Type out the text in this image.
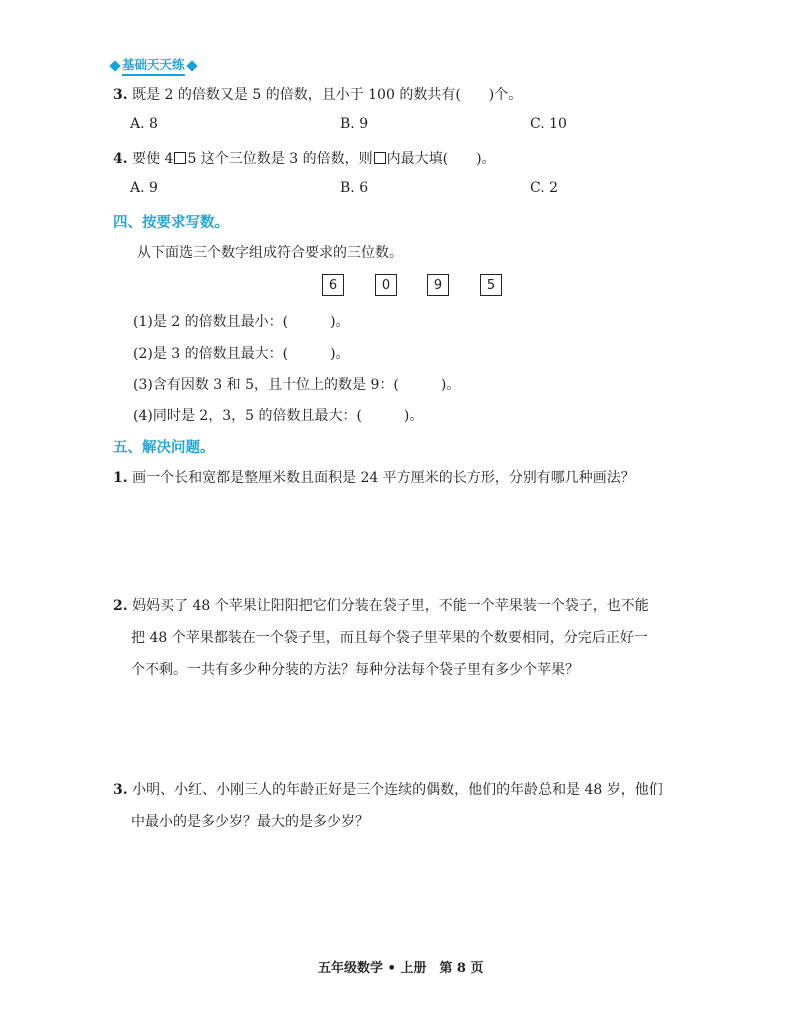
基础天天练
3. 既是 2 的倍数又是 5 的倍数，且小于 100 的数共有(　　)个。
A. 8	B. 9	C. 10
4. 要使 4 5 这个三位数是 3 的倍数，则 内最大填(　　)。
A. 9	B. 6	C. 2
四、按要求写数。
从下面选三个数字组成符合要求的三位数。
6	0	9	5
(1)是 2 的倍数且最小：(　　　)。
(2)是 3 的倍数且最大：(　　　)。
(3)含有因数 3 和 5，且十位上的数是 9：(　　　)。
(4)同时是 2，3，5 的倍数且最大：(　　　)。
五、解决问题。
1. 画一个长和宽都是整厘米数且面积是 24 平方厘米的长方形，分别有哪几种画法？
2. 妈妈买了 48 个苹果让阳阳把它们分装在袋子里，不能一个苹果装一个袋子，也不能
把 48 个苹果都装在一个袋子里，而且每个袋子里苹果的个数要相同，分完后正好一
个不剩。一共有多少种分装的方法？每种分法每个袋子里有多少个苹果？
3. 小明、小红、小刚三人的年龄正好是三个连续的偶数，他们的年龄总和是 48 岁，他们
中最小的是多少岁？最大的是多少岁？
五年级数学 • 上册　第 8 页
